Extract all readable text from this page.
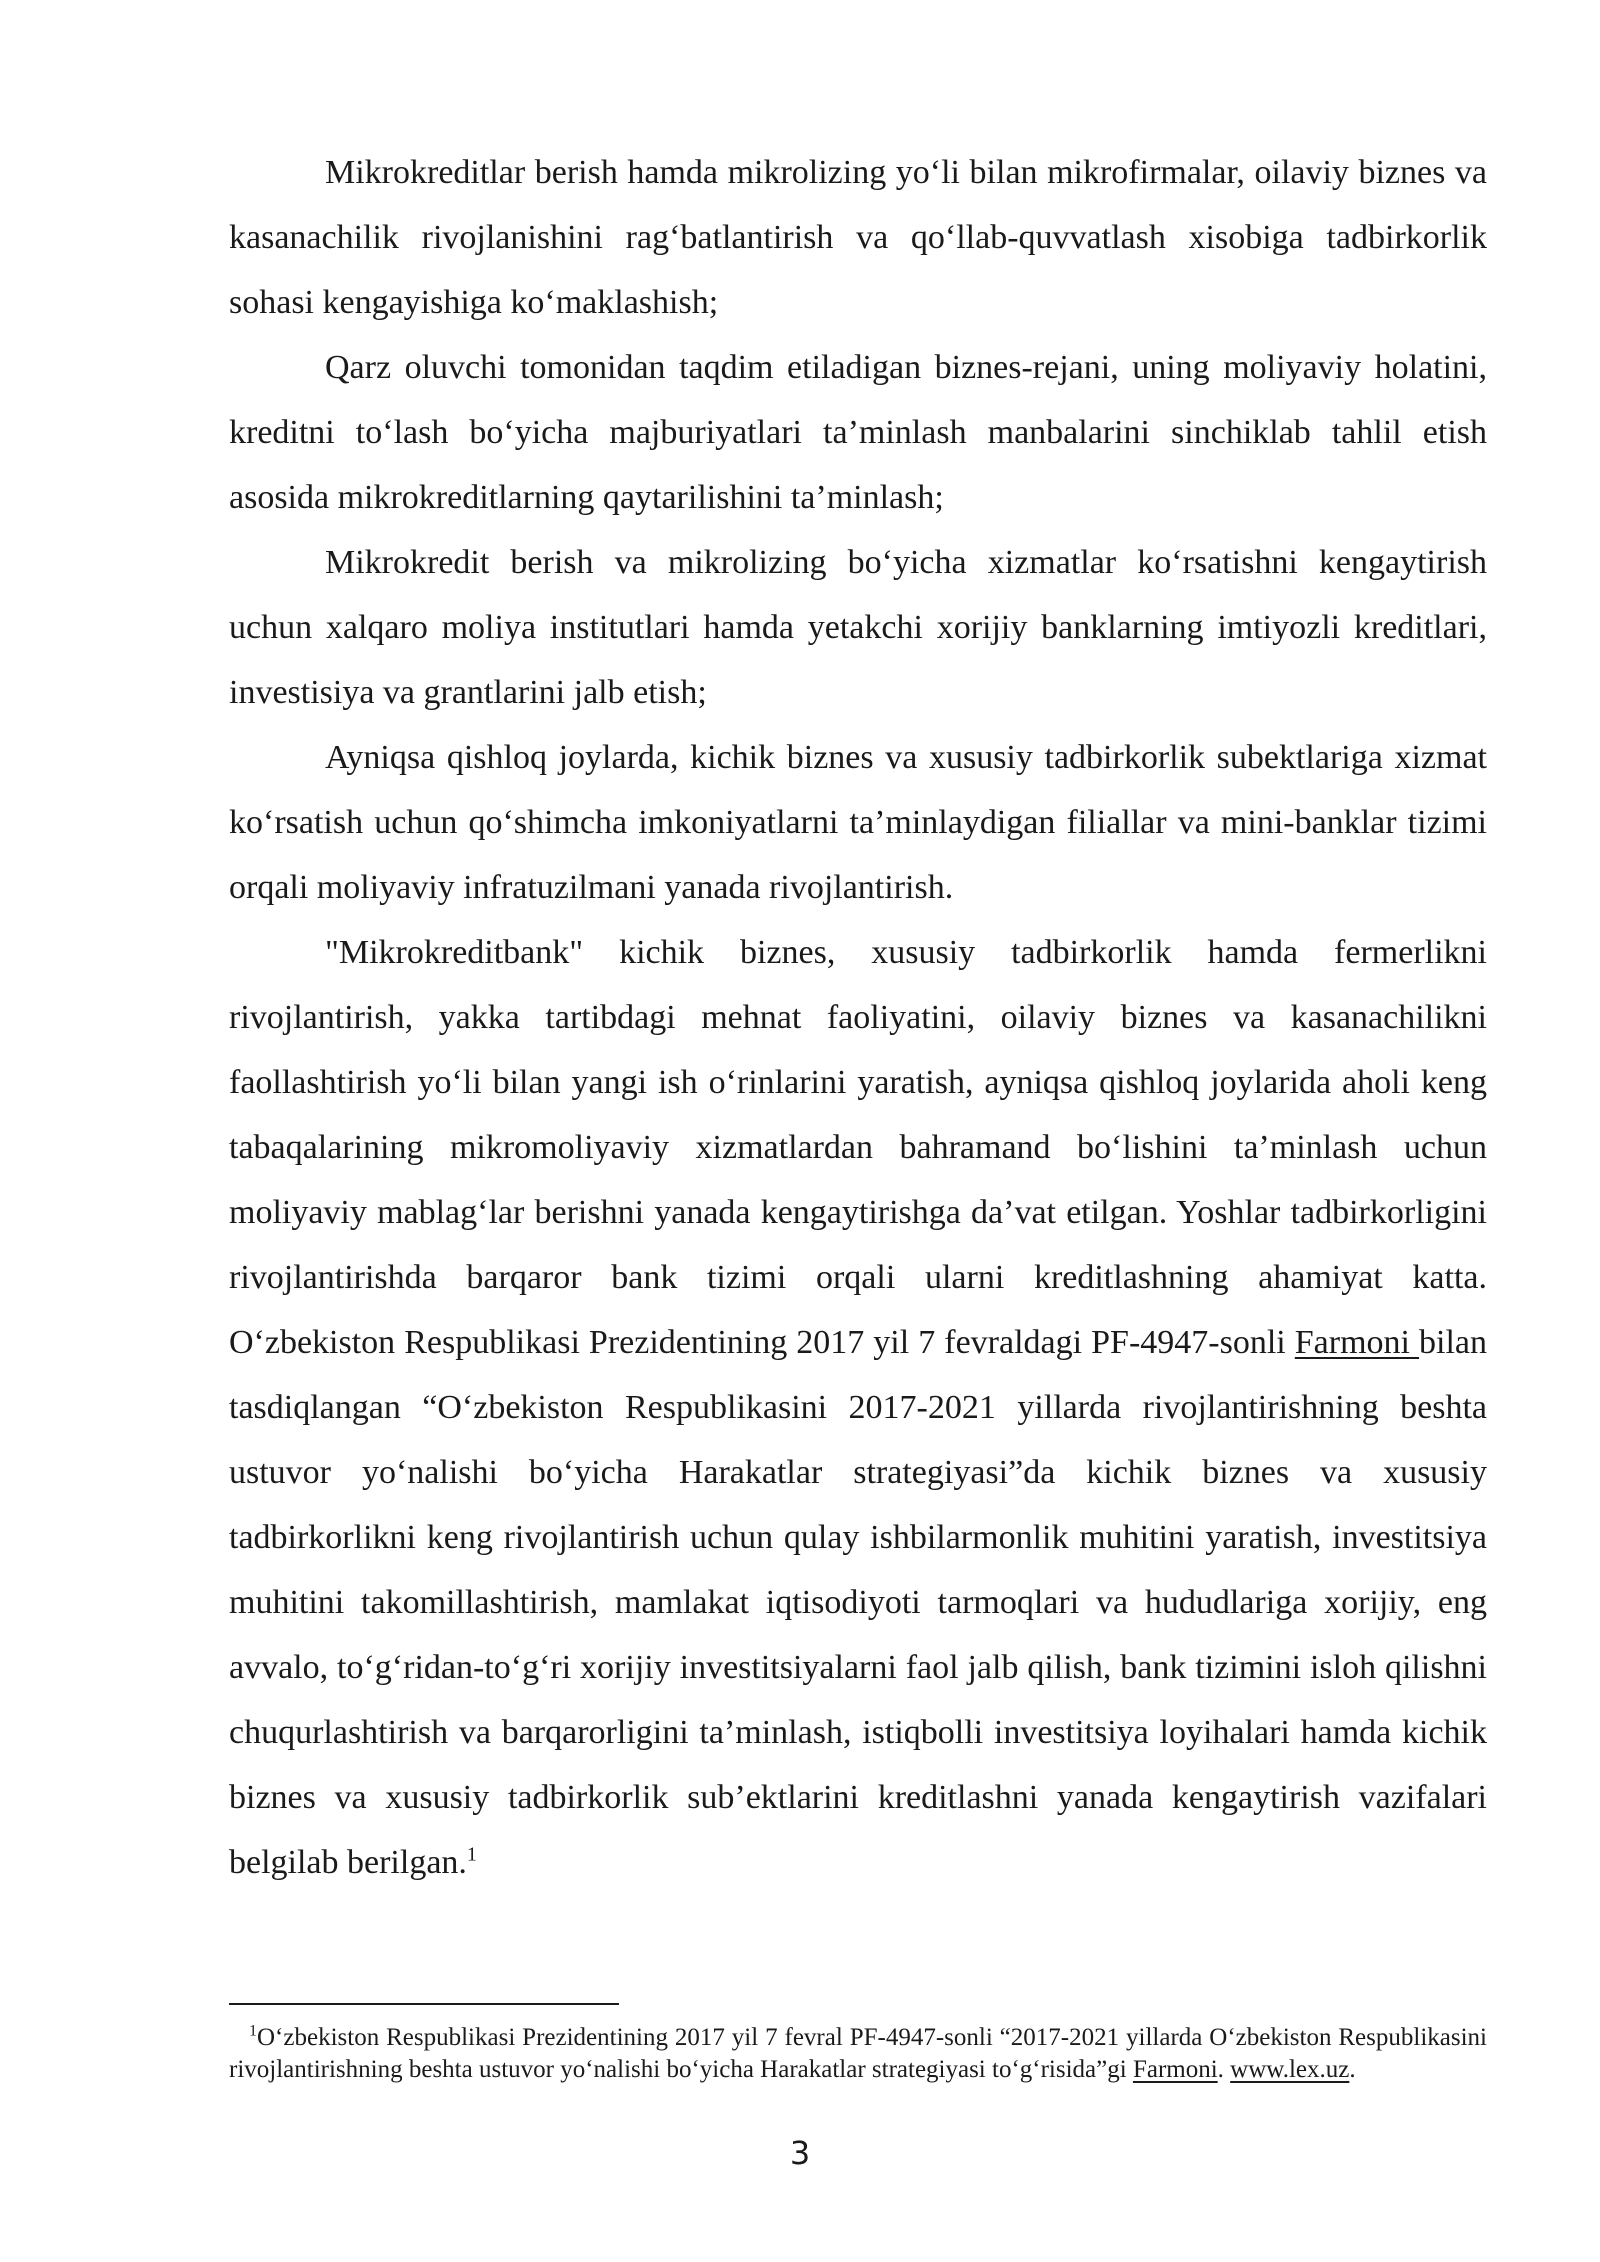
Mikrokreditlar berish hamda mikrolizing yo‘li bilan mikrofirmalar, oilaviy biznes va kasanachilik rivojlanishini rag‘batlantirish va qo‘llab-quvvatlash xisobiga tadbirkorlik sohasi kengayishiga ko‘maklashish;

Qarz oluvchi tomonidan taqdim etiladigan biznes-rejani, uning moliyaviy holatini, kreditni to‘lash bo‘yicha majburiyatlari ta’minlash manbalarini sinchiklab tahlil etish asosida mikrokreditlarning qaytarilishini ta’minlash;

Mikrokredit berish va mikrolizing bo‘yicha xizmatlar ko‘rsatishni kengaytirish uchun xalqaro moliya institutlari hamda yetakchi xorijiy banklarning imtiyozli kreditlari, investisiya va grantlarini jalb etish;

Ayniqsa qishloq joylarda, kichik biznes va xususiy tadbirkorlik subektlariga xizmat ko‘rsatish uchun qo‘shimcha imkoniyatlarni ta’minlaydigan filiallar va mini-banklar tizimi orqali moliyaviy infratuzilmani yanada rivojlantirish.

"Mikrokreditbank" kichik biznes, xususiy tadbirkorlik hamda fermerlikni rivojlantirish, yakka tartibdagi mehnat faoliyatini, oilaviy biznes va kasanachilikni faollashtirish yo‘li bilan yangi ish o‘rinlarini yaratish, ayniqsa qishloq joylarida aholi keng tabaqalarining mikromoliyaviy xizmatlardan bahramand bo‘lishini ta’minlash uchun moliyaviy mablag‘lar berishni yanada kengaytirishga da’vat etilgan. Yoshlar tadbirkorligini rivojlantirishda barqaror bank tizimi orqali ularni kreditlashning ahamiyat katta. O‘zbekiston Respublikasi Prezidentining 2017 yil 7 fevraldagi PF-4947-sonli Farmoni bilan tasdiqlangan “O‘zbekiston Respublikasini 2017-2021 yillarda rivojlantirishning beshta ustuvor yo‘nalishi bo‘yicha Harakatlar strategiyasi”da kichik biznes va xususiy tadbirkorlikni keng rivojlantirish uchun qulay ishbilarmonlik muhitini yaratish, investitsiya muhitini takomillashtirish, mamlakat iqtisodiyoti tarmoqlari va hududlariga xorijiy, eng avvalo, to‘g‘ridan-to‘g‘ri xorijiy investitsiyalarni faol jalb qilish, bank tizimini isloh qilishni chuqurlashtirish va barqarorligini ta’minlash, istiqbolli investitsiya loyihalari hamda kichik biznes va xususiy tadbirkorlik sub’ektlarini kreditlashni yanada kengaytirish vazifalari belgilab berilgan.$^1$

$^1$O‘zbekiston Respublikasi Prezidentining 2017 yil 7 fevral PF-4947-sonli “2017-2021 yillarda O‘zbekiston Respublikasini rivojlantirishning beshta ustuvor yo‘nalishi bo‘yicha Harakatlar strategiyasi to‘g‘risida”gi Farmoni. www.lex.uz.
3
